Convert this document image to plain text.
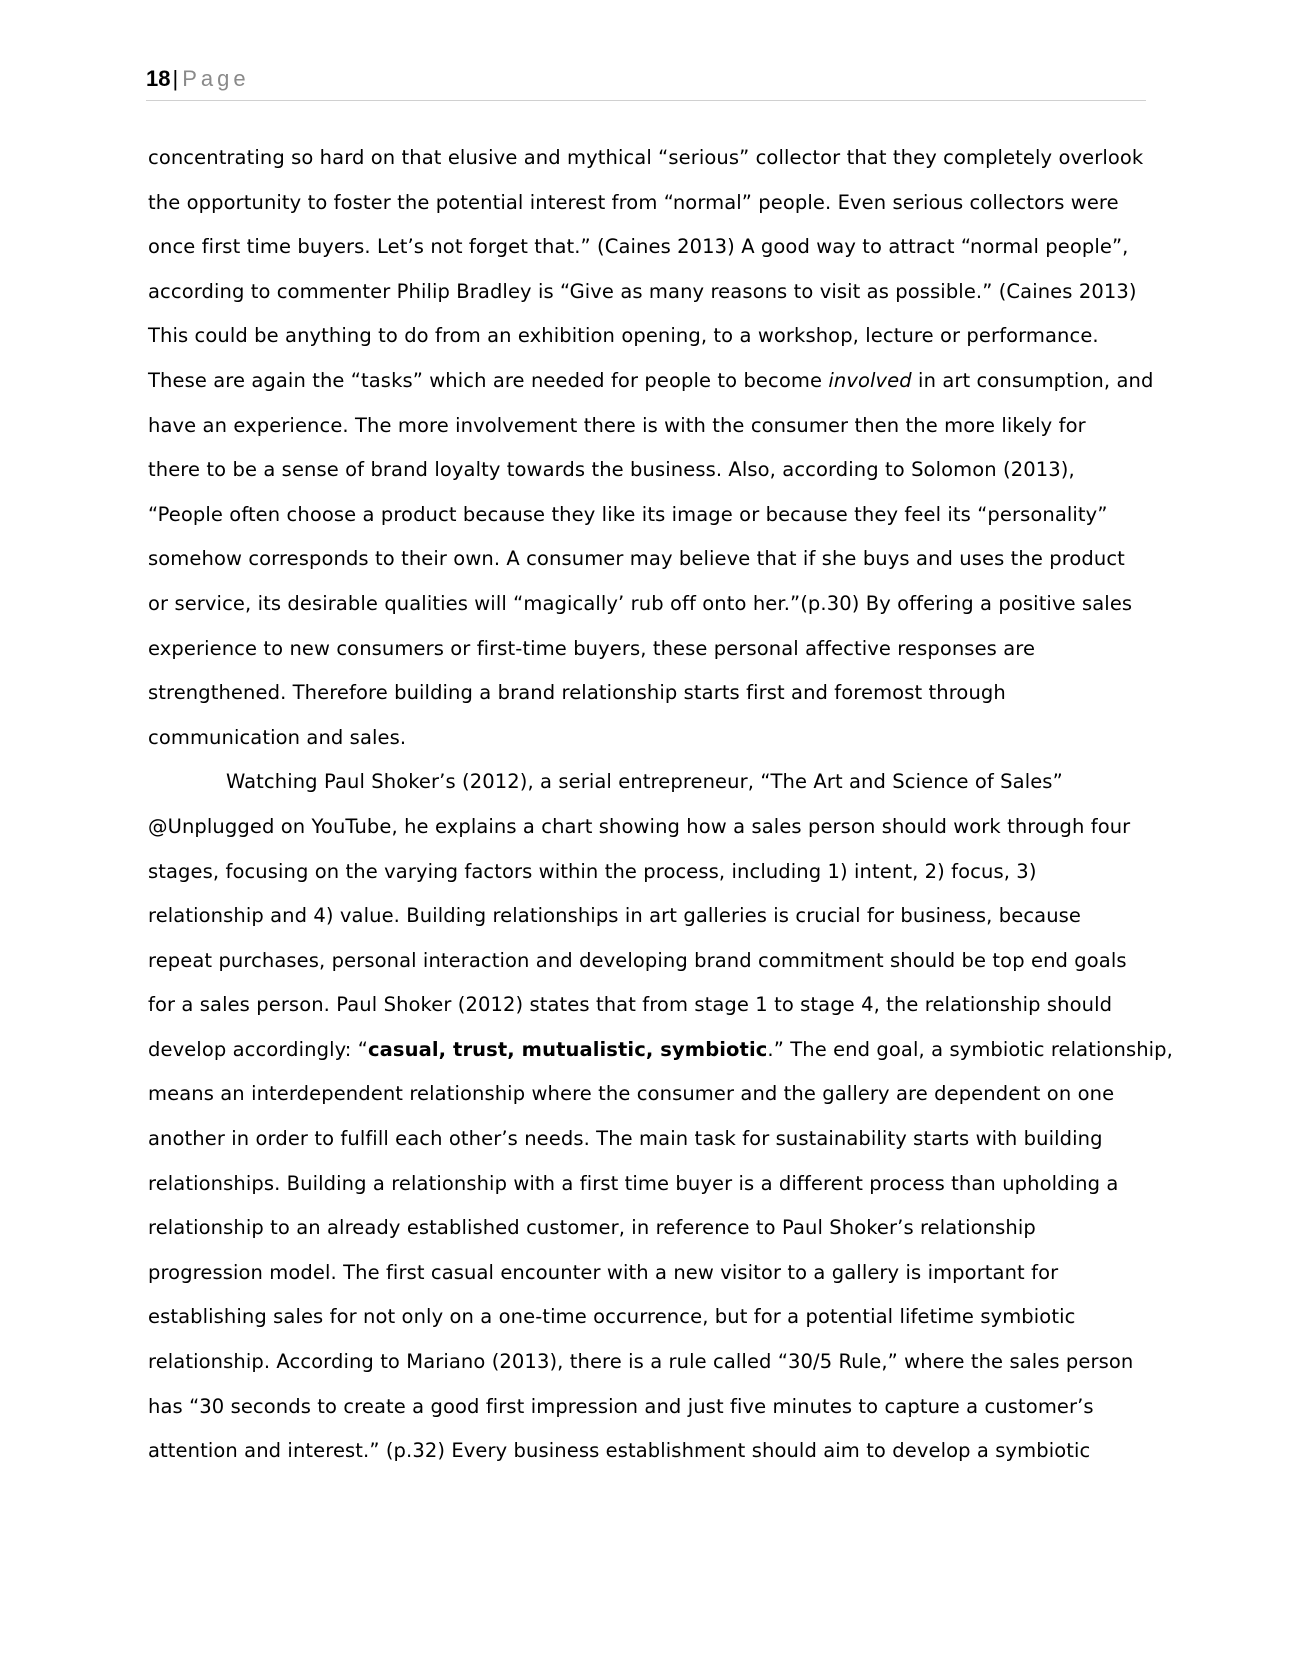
18| Page
concentrating so hard on that elusive and mythical “serious” collector that they completely overlook
the opportunity to foster the potential interest from “normal” people. Even serious collectors were
once first time buyers. Let’s not forget that.” (Caines 2013) A good way to attract “normal people”,
according to commenter Philip Bradley is “Give as many reasons to visit as possible.” (Caines 2013)
This could be anything to do from an exhibition opening, to a workshop, lecture or performance.
These are again the “tasks” which are needed for people to become involved in art consumption, and
have an experience. The more involvement there is with the consumer then the more likely for
there to be a sense of brand loyalty towards the business. Also, according to Solomon (2013),
“People often choose a product because they like its image or because they feel its “personality”
somehow corresponds to their own. A consumer may believe that if she buys and uses the product
or service, its desirable qualities will “magically’ rub off onto her.”(p.30) By offering a positive sales
experience to new consumers or first-time buyers, these personal affective responses are
strengthened. Therefore building a brand relationship starts first and foremost through
communication and sales.
Watching Paul Shoker’s (2012), a serial entrepreneur, “The Art and Science of Sales”
@Unplugged on YouTube, he explains a chart showing how a sales person should work through four
stages, focusing on the varying factors within the process, including 1) intent, 2) focus, 3)
relationship and 4) value. Building relationships in art galleries is crucial for business, because
repeat purchases, personal interaction and developing brand commitment should be top end goals
for a sales person. Paul Shoker (2012) states that from stage 1 to stage 4, the relationship should
develop accordingly: “casual, trust, mutualistic, symbiotic.” The end goal, a symbiotic relationship,
means an interdependent relationship where the consumer and the gallery are dependent on one
another in order to fulfill each other’s needs. The main task for sustainability starts with building
relationships. Building a relationship with a first time buyer is a different process than upholding a
relationship to an already established customer, in reference to Paul Shoker’s relationship
progression model. The first casual encounter with a new visitor to a gallery is important for
establishing sales for not only on a one-time occurrence, but for a potential lifetime symbiotic
relationship. According to Mariano (2013), there is a rule called “30/5 Rule,” where the sales person
has “30 seconds to create a good first impression and just five minutes to capture a customer’s
attention and interest.” (p.32) Every business establishment should aim to develop a symbiotic
